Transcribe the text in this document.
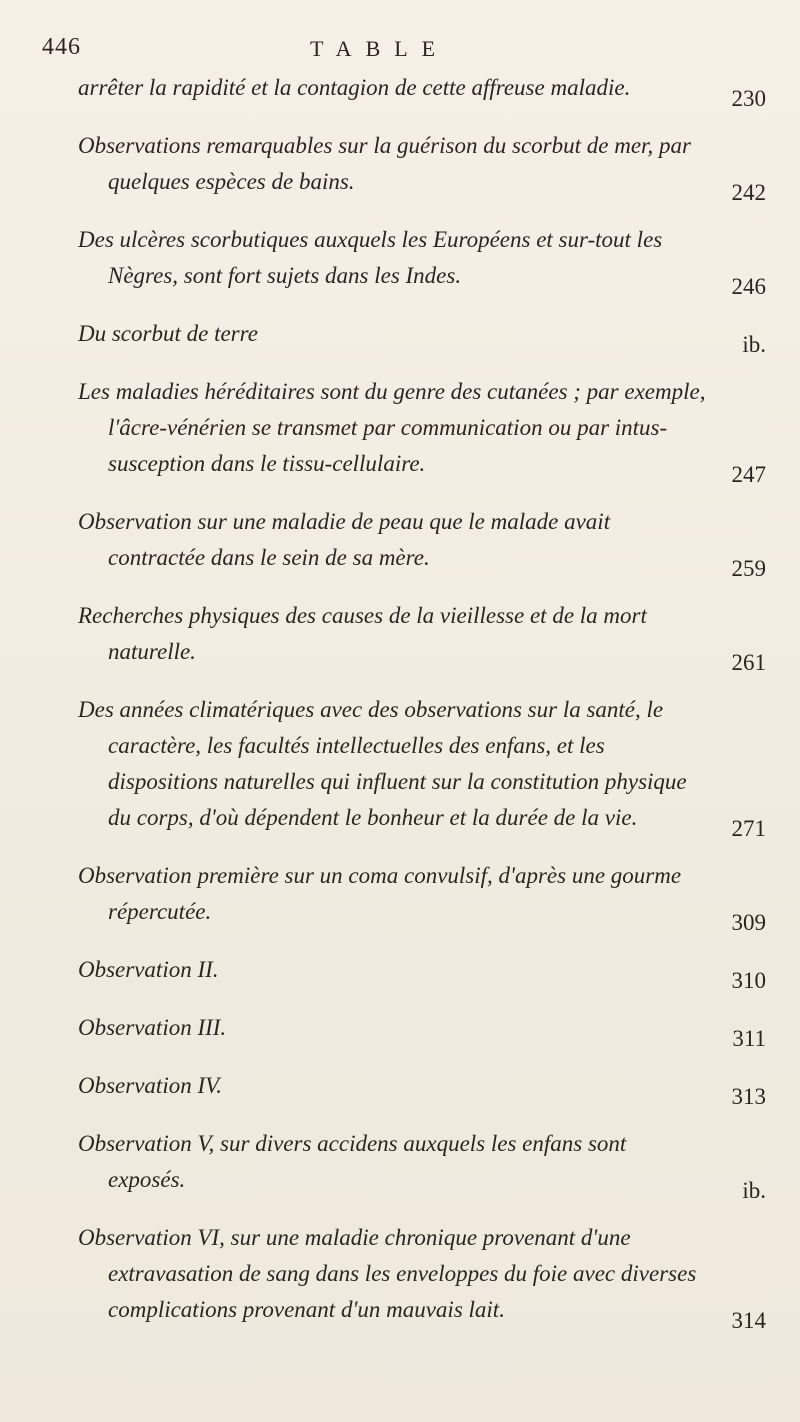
446	TABLE
arrêter la rapidité et la contagion de cette affreuse maladie.	230
Observations remarquables sur la guérison du scorbut de mer, par quelques espèces de bains.	242
Des ulcères scorbutiques auxquels les Européens et sur-tout les Nègres, sont fort sujets dans les Indes.	246
Du scorbut de terre	ib.
Les maladies héréditaires sont du genre des cutanées ; par exemple, l'âcre-vénérien se transmet par communication ou par intus-susception dans le tissu-cellulaire.	247
Observation sur une maladie de peau que le malade avait contractée dans le sein de sa mère.	259
Recherches physiques des causes de la vieillesse et de la mort naturelle.	261
Des années climatériques avec des observations sur la santé, le caractère, les facultés intellectuelles des enfans, et les dispositions naturelles qui influent sur la constitution physique du corps, d'où dépendent le bonheur et la durée de la vie.	271
Observation première sur un coma convulsif, d'après une gourme répercutée.	309
Observation II.	310
Observation III.	311
Observation IV.	313
Observation V, sur divers accidens auxquels les enfans sont exposés.	ib.
Observation VI, sur une maladie chronique provenant d'une extravasation de sang dans les enveloppes du foie avec diverses complications provenant d'un mauvais lait.	314
